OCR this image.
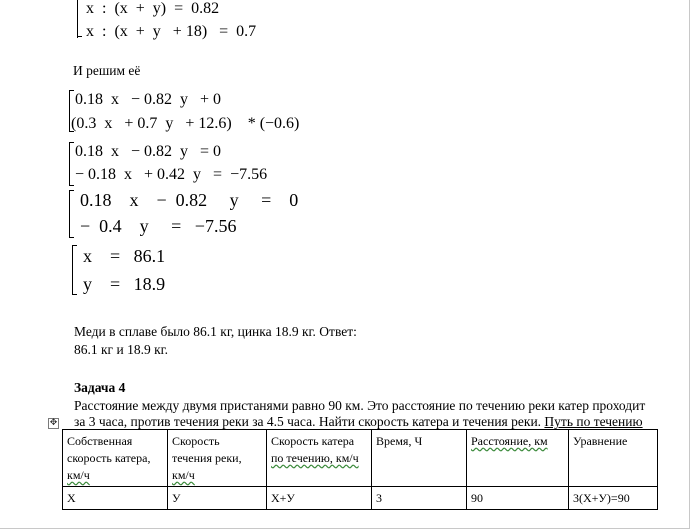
x  :  (x  +  y)  =  0.82
x  :  (x  +  y   + 18)   =  0.7
И решим её
0.18  x   − 0.82  y   + 0
(0.3  x   + 0.7  y   + 12.6)    * (−0.6)
0.18  x   − 0.82  y   = 0
− 0.18  x   + 0.42  y   =  −7.56
0.18    x    −  0.82     y     =    0
−  0.4    y     =   −7.56
x    =   86.1
y    =   18.9
Меди в сплаве было 86.1 кг, цинка 18.9 кг. Ответ:
86.1 кг и 18.9 кг.
Задача 4
Расстояние между двумя пристанями равно 90 км. Это расстояние по течению реки катер проходит
за 3 часа, против течения реки за 4.5 часа. Найти скорость катера и течения реки. Путь по течению
✥
Собственная
скорость катера,
км/ч	Скорость
течения реки,
км/ч	Скорость катера
по течению, км/ч	Время, Ч	Расстояние, км	Уравнение
Х	У	Х+У	3	90	3(Х+У)=90
